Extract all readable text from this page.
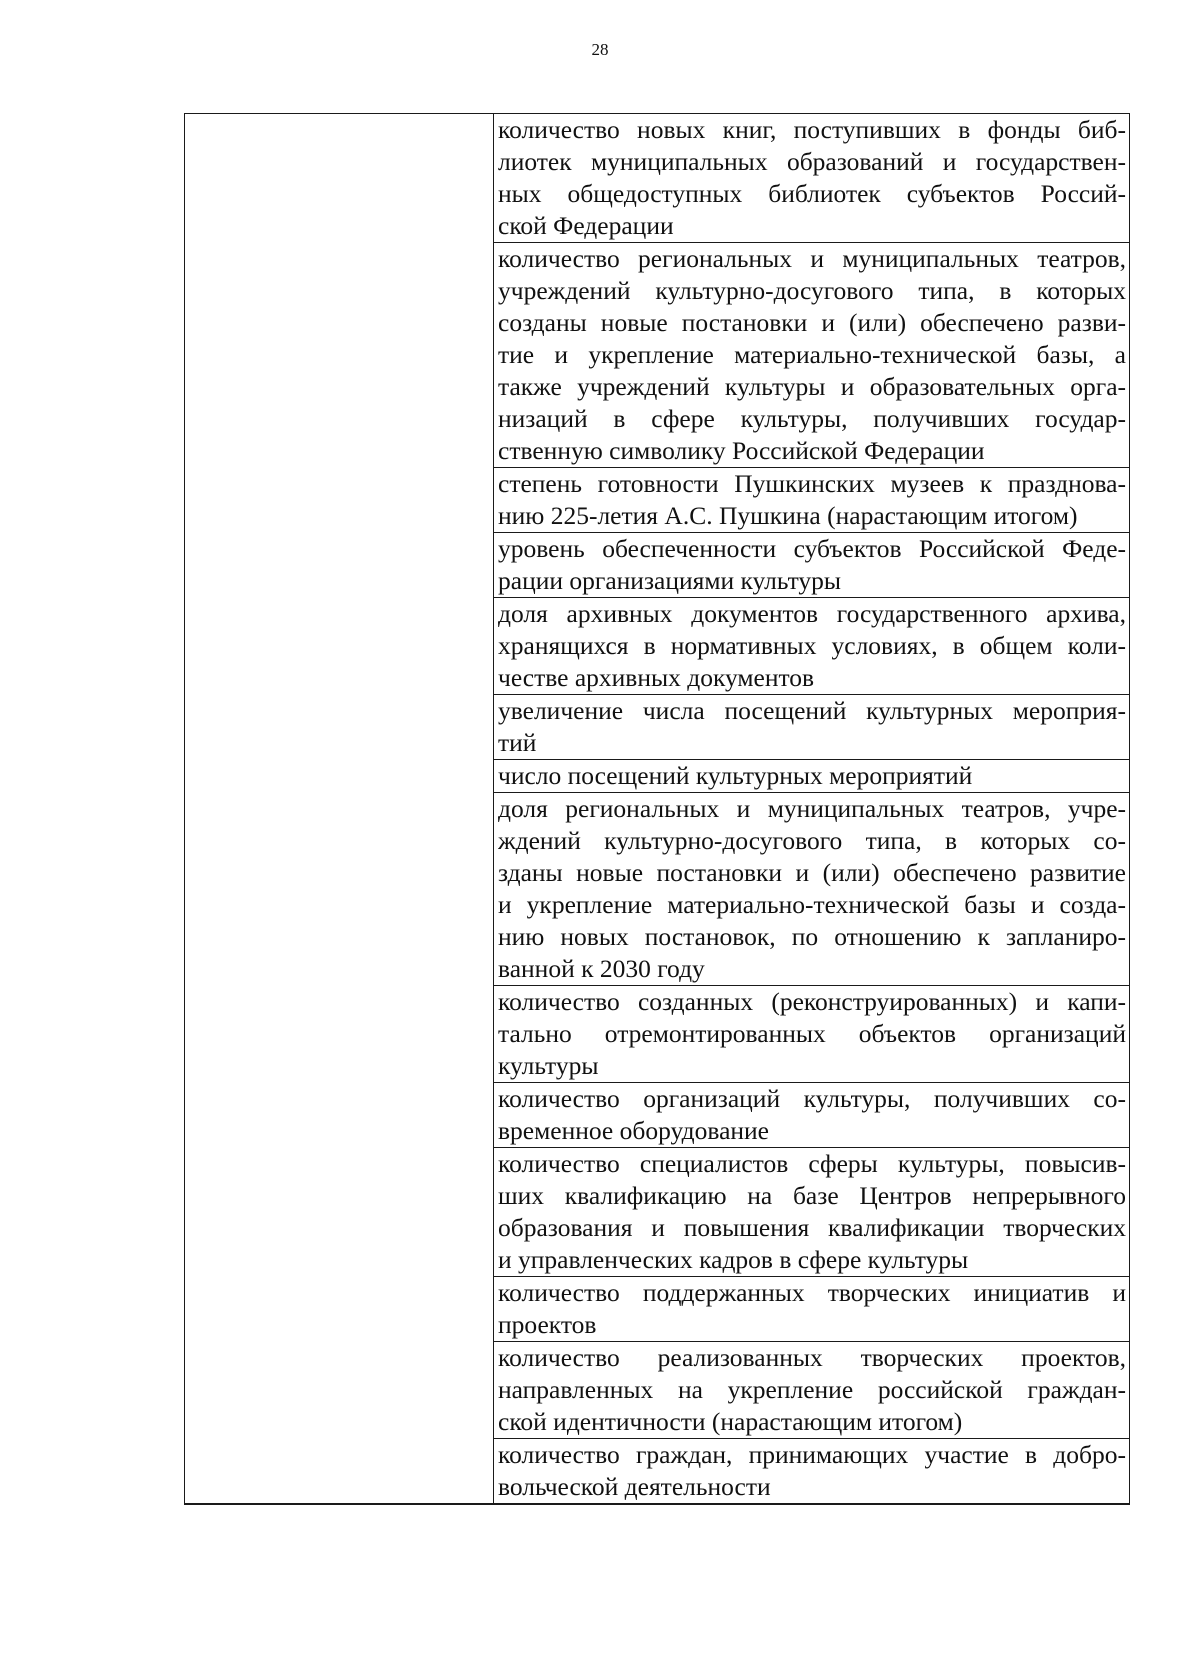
28
количество новых книг, поступивших в фонды биб-
лиотек муниципальных образований и государствен-
ных общедоступных библиотек субъектов Россий-
ской Федерации
количество региональных и муниципальных театров,
учреждений культурно-досугового типа, в которых
созданы новые постановки и (или) обеспечено разви-
тие и укрепление материально-технической базы, а
также учреждений культуры и образовательных орга-
низаций в сфере культуры, получивших государ-
ственную символику Российской Федерации
степень готовности Пушкинских музеев к празднова-
нию 225-летия А.С. Пушкина (нарастающим итогом)
уровень обеспеченности субъектов Российской Феде-
рации организациями культуры
доля архивных документов государственного архива,
хранящихся в нормативных условиях, в общем коли-
честве архивных документов
увеличение числа посещений культурных мероприя-
тий
число посещений культурных мероприятий
доля региональных и муниципальных театров, учре-
ждений культурно-досугового типа, в которых со-
зданы новые постановки и (или) обеспечено развитие
и укрепление материально-технической базы и созда-
нию новых постановок, по отношению к запланиро-
ванной к 2030 году
количество созданных (реконструированных) и капи-
тально отремонтированных объектов организаций
культуры
количество организаций культуры, получивших со-
временное оборудование
количество специалистов сферы культуры, повысив-
ших квалификацию на базе Центров непрерывного
образования и повышения квалификации творческих
и управленческих кадров в сфере культуры
количество поддержанных творческих инициатив и
проектов
количество реализованных творческих проектов,
направленных на укрепление российской граждан-
ской идентичности (нарастающим итогом)
количество граждан, принимающих участие в добро-
вольческой деятельности
